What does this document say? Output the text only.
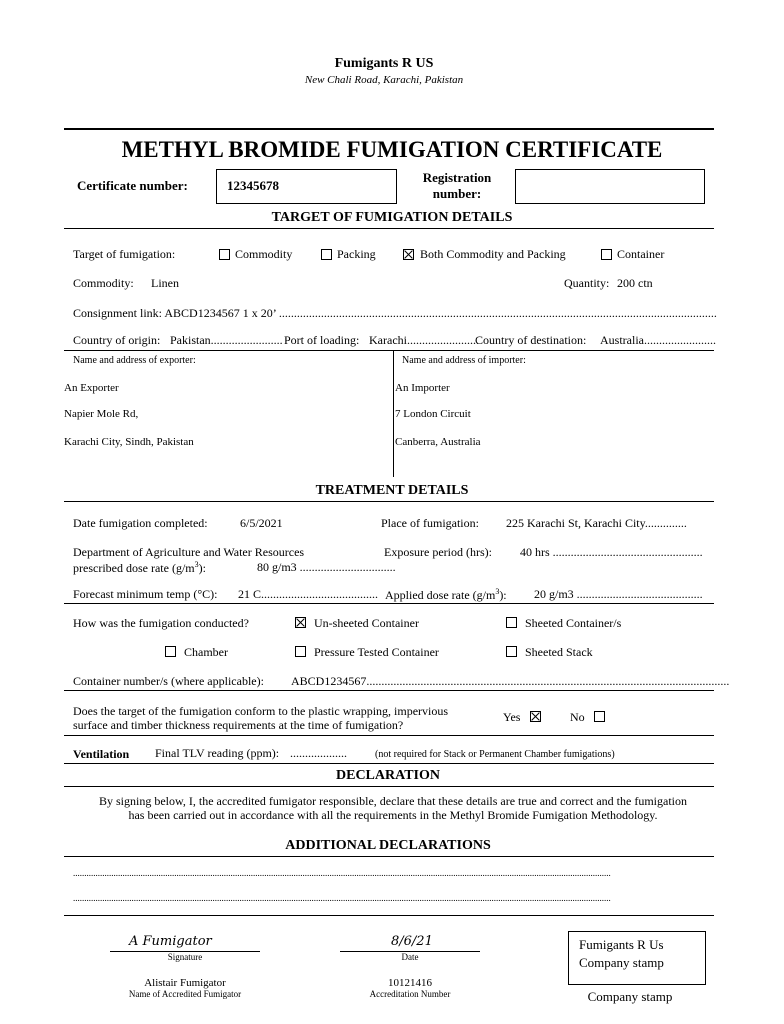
Fumigants R US
New Chali Road, Karachi, Pakistan
METHYL BROMIDE FUMIGATION CERTIFICATE
Certificate number:	12345678
Registration
number:
TARGET OF FUMIGATION DETAILS
Target of fumigation:	Commodity	Packing	Both Commodity and Packing	Container
Commodity: Linen	Quantity: 200 ctn
Consignment link: ABCD1234567 1 x 20’ ..................................................................................................................................................
Country of origin: Pakistan........................ Port of loading: Karachi........................
Country of destination: Australia........................
Name and address of exporter:
An Exporter
Napier Mole Rd,
Karachi City, Sindh, Pakistan
Name and address of importer:
An Importer
7 London Circuit
Canberra, Australia
TREATMENT DETAILS
Date fumigation completed:	6/5/2021	Place of fumigation: 225 Karachi St, Karachi City..............
Department of Agriculture and Water Resources
prescribed dose rate $(g/m^3)$:	80 g/m3 ................................
Exposure period (hrs): 40 hrs ..................................................
Forecast minimum temp (°C): 21 C....................................... Applied dose rate $(g/m^3)$: 20 g/m3 ..........................................
How was the fumigation conducted?	Un-sheeted Container	Sheeted Container/s
Chamber	Pressure Tested Container	Sheeted Stack
Container number/s (where applicable): ABCD1234567.........................................................................................................................
Does the target of the fumigation conform to the plastic wrapping, impervious
surface and timber thickness requirements at the time of fumigation?
Yes	No
Ventilation Final TLV reading (ppm): ...................	(not required for Stack or Permanent Chamber fumigations)
DECLARATION
By signing below, I, the accredited fumigator responsible, declare that these details are true and correct and the fumigation
has been carried out in accordance with all the requirements in the Methyl Bromide Fumigation Methodology.
ADDITIONAL DECLARATIONS
...............................................................................................................................................................................................................................................
...............................................................................................................................................................................................................................................
A Fumigator
Signature
8/6/21
Date
Alistair Fumigator
Name of Accredited Fumigator
10121416
Accreditation Number
Fumigants R Us
Company stamp
Company stamp
